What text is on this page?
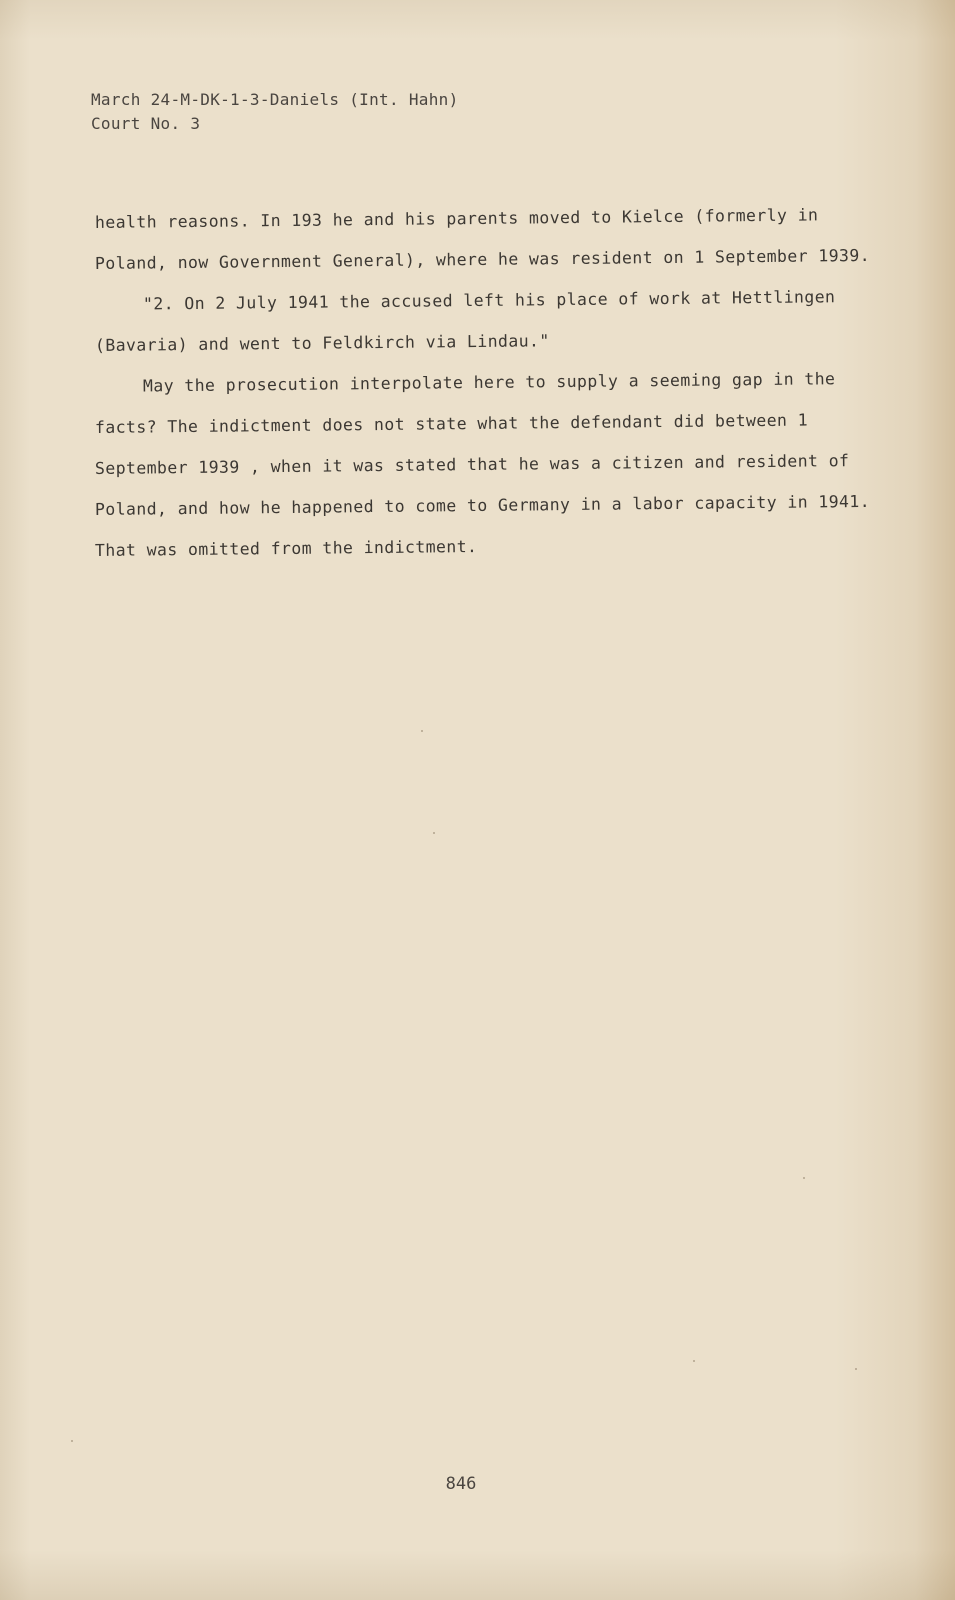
March 24-M-DK-1-3-Daniels (Int. Hahn)
Court No. 3
health reasons. In 193 he and his parents moved to Kielce (formerly in
Poland, now Government General), where he was resident on 1 September 1939.
"2. On 2 July 1941 the accused left his place of work at Hettlingen
(Bavaria) and went to Feldkirch via Lindau."
May the prosecution interpolate here to supply a seeming gap in the
facts? The indictment does not state what the defendant did between 1
September 1939 , when it was stated that he was a citizen and resident of
Poland, and how he happened to come to Germany in a labor capacity in 1941.
That was omitted from the indictment.
846
